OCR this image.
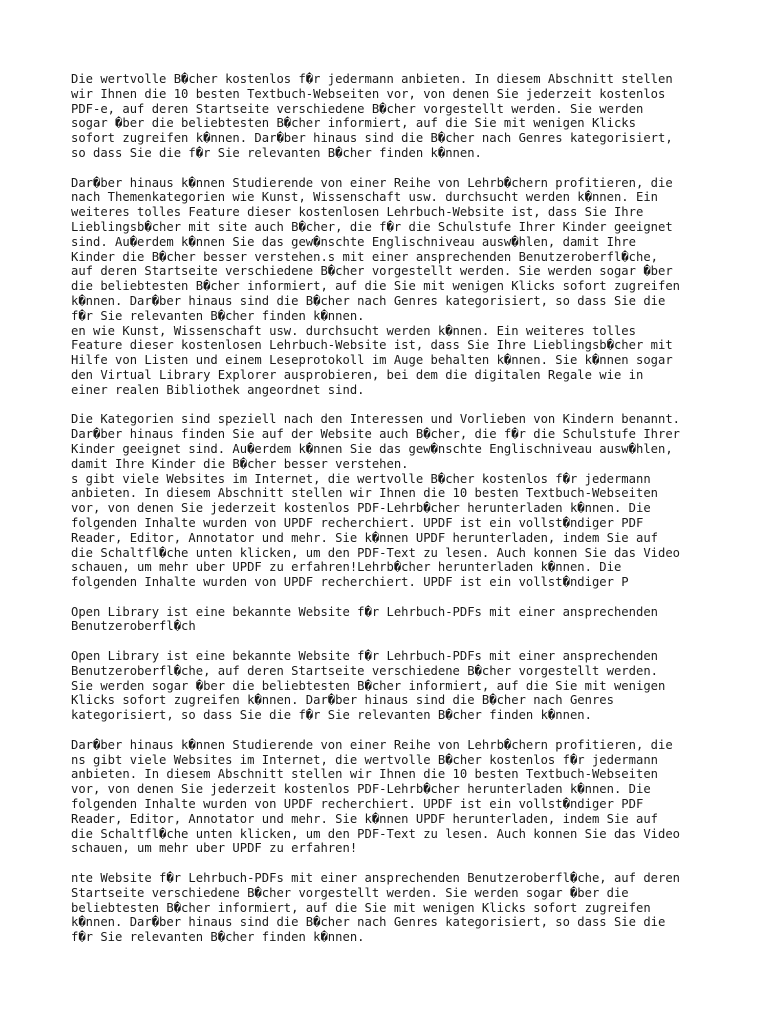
Die wertvolle B�cher kostenlos f�r jedermann anbieten. In diesem Abschnitt stellen
wir Ihnen die 10 besten Textbuch-Webseiten vor, von denen Sie jederzeit kostenlos
PDF-e, auf deren Startseite verschiedene B�cher vorgestellt werden. Sie werden
sogar �ber die beliebtesten B�cher informiert, auf die Sie mit wenigen Klicks
sofort zugreifen k�nnen. Dar�ber hinaus sind die B�cher nach Genres kategorisiert,
so dass Sie die f�r Sie relevanten B�cher finden k�nnen.

Dar�ber hinaus k�nnen Studierende von einer Reihe von Lehrb�chern profitieren, die
nach Themenkategorien wie Kunst, Wissenschaft usw. durchsucht werden k�nnen. Ein
weiteres tolles Feature dieser kostenlosen Lehrbuch-Website ist, dass Sie Ihre
Lieblingsb�cher mit site auch B�cher, die f�r die Schulstufe Ihrer Kinder geeignet
sind. Au�erdem k�nnen Sie das gew�nschte Englischniveau ausw�hlen, damit Ihre
Kinder die B�cher besser verstehen.s mit einer ansprechenden Benutzeroberfl�che,
auf deren Startseite verschiedene B�cher vorgestellt werden. Sie werden sogar �ber
die beliebtesten B�cher informiert, auf die Sie mit wenigen Klicks sofort zugreifen
k�nnen. Dar�ber hinaus sind die B�cher nach Genres kategorisiert, so dass Sie die
f�r Sie relevanten B�cher finden k�nnen.
en wie Kunst, Wissenschaft usw. durchsucht werden k�nnen. Ein weiteres tolles
Feature dieser kostenlosen Lehrbuch-Website ist, dass Sie Ihre Lieblingsb�cher mit
Hilfe von Listen und einem Leseprotokoll im Auge behalten k�nnen. Sie k�nnen sogar
den Virtual Library Explorer ausprobieren, bei dem die digitalen Regale wie in
einer realen Bibliothek angeordnet sind.

Die Kategorien sind speziell nach den Interessen und Vorlieben von Kindern benannt.
Dar�ber hinaus finden Sie auf der Website auch B�cher, die f�r die Schulstufe Ihrer
Kinder geeignet sind. Au�erdem k�nnen Sie das gew�nschte Englischniveau ausw�hlen,
damit Ihre Kinder die B�cher besser verstehen.
s gibt viele Websites im Internet, die wertvolle B�cher kostenlos f�r jedermann
anbieten. In diesem Abschnitt stellen wir Ihnen die 10 besten Textbuch-Webseiten
vor, von denen Sie jederzeit kostenlos PDF-Lehrb�cher herunterladen k�nnen. Die
folgenden Inhalte wurden von UPDF recherchiert. UPDF ist ein vollst�ndiger PDF
Reader, Editor, Annotator und mehr. Sie k�nnen UPDF herunterladen, indem Sie auf
die Schaltfl�che unten klicken, um den PDF-Text zu lesen. Auch konnen Sie das Video
schauen, um mehr uber UPDF zu erfahren!Lehrb�cher herunterladen k�nnen. Die
folgenden Inhalte wurden von UPDF recherchiert. UPDF ist ein vollst�ndiger P

Open Library ist eine bekannte Website f�r Lehrbuch-PDFs mit einer ansprechenden
Benutzeroberfl�ch

Open Library ist eine bekannte Website f�r Lehrbuch-PDFs mit einer ansprechenden
Benutzeroberfl�che, auf deren Startseite verschiedene B�cher vorgestellt werden.
Sie werden sogar �ber die beliebtesten B�cher informiert, auf die Sie mit wenigen
Klicks sofort zugreifen k�nnen. Dar�ber hinaus sind die B�cher nach Genres
kategorisiert, so dass Sie die f�r Sie relevanten B�cher finden k�nnen.

Dar�ber hinaus k�nnen Studierende von einer Reihe von Lehrb�chern profitieren, die
ns gibt viele Websites im Internet, die wertvolle B�cher kostenlos f�r jedermann
anbieten. In diesem Abschnitt stellen wir Ihnen die 10 besten Textbuch-Webseiten
vor, von denen Sie jederzeit kostenlos PDF-Lehrb�cher herunterladen k�nnen. Die
folgenden Inhalte wurden von UPDF recherchiert. UPDF ist ein vollst�ndiger PDF
Reader, Editor, Annotator und mehr. Sie k�nnen UPDF herunterladen, indem Sie auf
die Schaltfl�che unten klicken, um den PDF-Text zu lesen. Auch konnen Sie das Video
schauen, um mehr uber UPDF zu erfahren!

nte Website f�r Lehrbuch-PDFs mit einer ansprechenden Benutzeroberfl�che, auf deren
Startseite verschiedene B�cher vorgestellt werden. Sie werden sogar �ber die
beliebtesten B�cher informiert, auf die Sie mit wenigen Klicks sofort zugreifen
k�nnen. Dar�ber hinaus sind die B�cher nach Genres kategorisiert, so dass Sie die
f�r Sie relevanten B�cher finden k�nnen.
